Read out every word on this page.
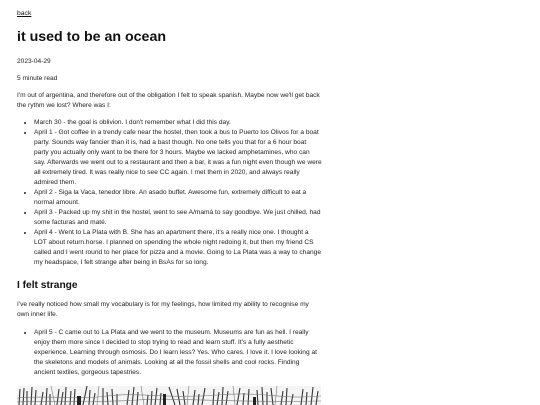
back
it used to be an ocean

2023-04-29

5 minute read

I'm out of argentina, and therefore out of the obligation I felt to speak spanish. Maybe now we'll get back the rythm we lost? Where was I:

• March 30 - the goal is oblivion. I don't remember what I did this day.
• April 1 - Got coffee in a trendy cafe near the hostel, then took a bus to Puerto los Olivos for a boat party. Sounds way fancier than it is, had a bast though. No one tells you that for a 6 hour boat party you actually only want to be there for 3 hours. Maybe we lacked amphetamines, who can say. Afterwards we went out to a restaurant and then a bar, it was a fun night even though we were all extremely tired. It was really nice to see CC again. I met them in 2020, and always really admired them.
• April 2 - Siga la Vaca, tenedor libre. An asado buffet. Awesome fun, extremely difficult to eat a normal amount.
• April 3 - Packed up my shit in the hostel, went to see A/mamá to say goodbye. We just chilled, had some facturas and maté.
• April 4 - Went to La Plata with B. She has an apartment there, it's a really nice one. I thought a LOT about return.horse. I planned on spending the whole night redoing it, but then my friend CS called and I went round to her place for pizza and a movie. Going to La Plata was a way to change my headspace, I felt strange after being in BsAs for so long.
I felt strange

I've really noticed how small my vocabulary is for my feelings, how limited my ability to recognise my own inner life.

• April 5 - C came out to La Plata and we went to the museum. Museums are fun as hell. I really enjoy them more since I decided to stop trying to read and learn stuff. It's a fully aesthetic experience. Learning through osmosis. Do I learn less? Yes. Who cares. I love it. I love looking at the skeletons and models of animals. Looking at all the fossil shells and cool rocks. Finding ancient textiles, gorgeous tapestries.
